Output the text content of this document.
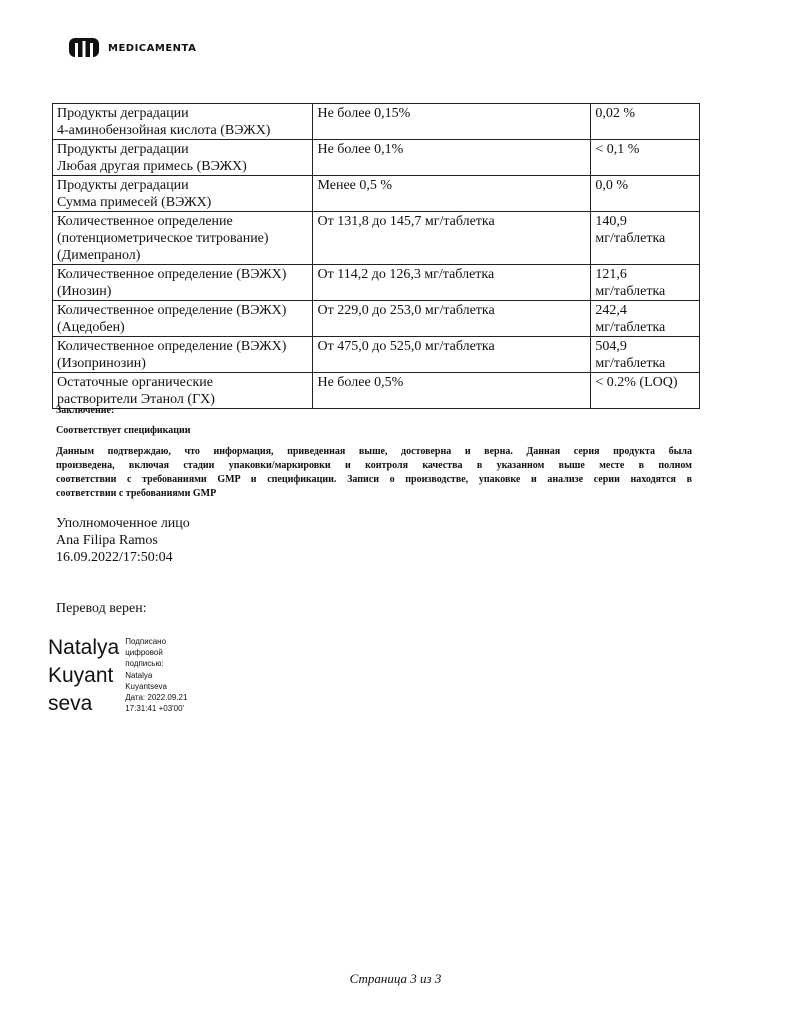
MEDICAMENTA
Продукты деградации
4-аминобензойная кислота (ВЭЖХ)	Не более 0,15%	0,02 %

Продукты деградации
Любая другая примесь (ВЭЖХ)	Не более 0,1%	< 0,1 %

Продукты деградации
Сумма примесей (ВЭЖХ)	Менее 0,5 %	0,0 %

Количественное определение
(потенциометрическое титрование)
(Димепранол)	От 131,8 до 145,7 мг/таблетка	140,9
мг/таблетка

Количественное определение (ВЭЖХ)
(Инозин)	От 114,2 до 126,3 мг/таблетка	121,6
мг/таблетка

Количественное определение (ВЭЖХ)
(Ацедобен)	От 229,0 до 253,0 мг/таблетка	242,4
мг/таблетка

Количественное определение (ВЭЖХ)
(Изопринозин)	От 475,0 до 525,0 мг/таблетка	504,9
мг/таблетка

Остаточные органические
растворители Этанол (ГХ)	Не более 0,5%	< 0.2% (LOQ)
Заключение:
Соответствует спецификации
Данным подтверждаю, что информация, приведенная выше, достоверна и верна. Данная серия продукта была
произведена, включая стадии упаковки/маркировки и контроля качества в указанном выше месте в полном
соответствии с требованиями GMP и спецификации. Записи о производстве, упаковке и анализе серии находятся в
соответствии с требованиями GMP
Уполномоченное лицо
Ana Filipa Ramos
16.09.2022/17:50:04
Перевод верен:
Natalya
Kuyant
seva
Подписано
цифровой
подписью:
Natalya
Kuyantseva
Дата: 2022.09.21
17:31:41 +03'00'
Страница 3 из 3
